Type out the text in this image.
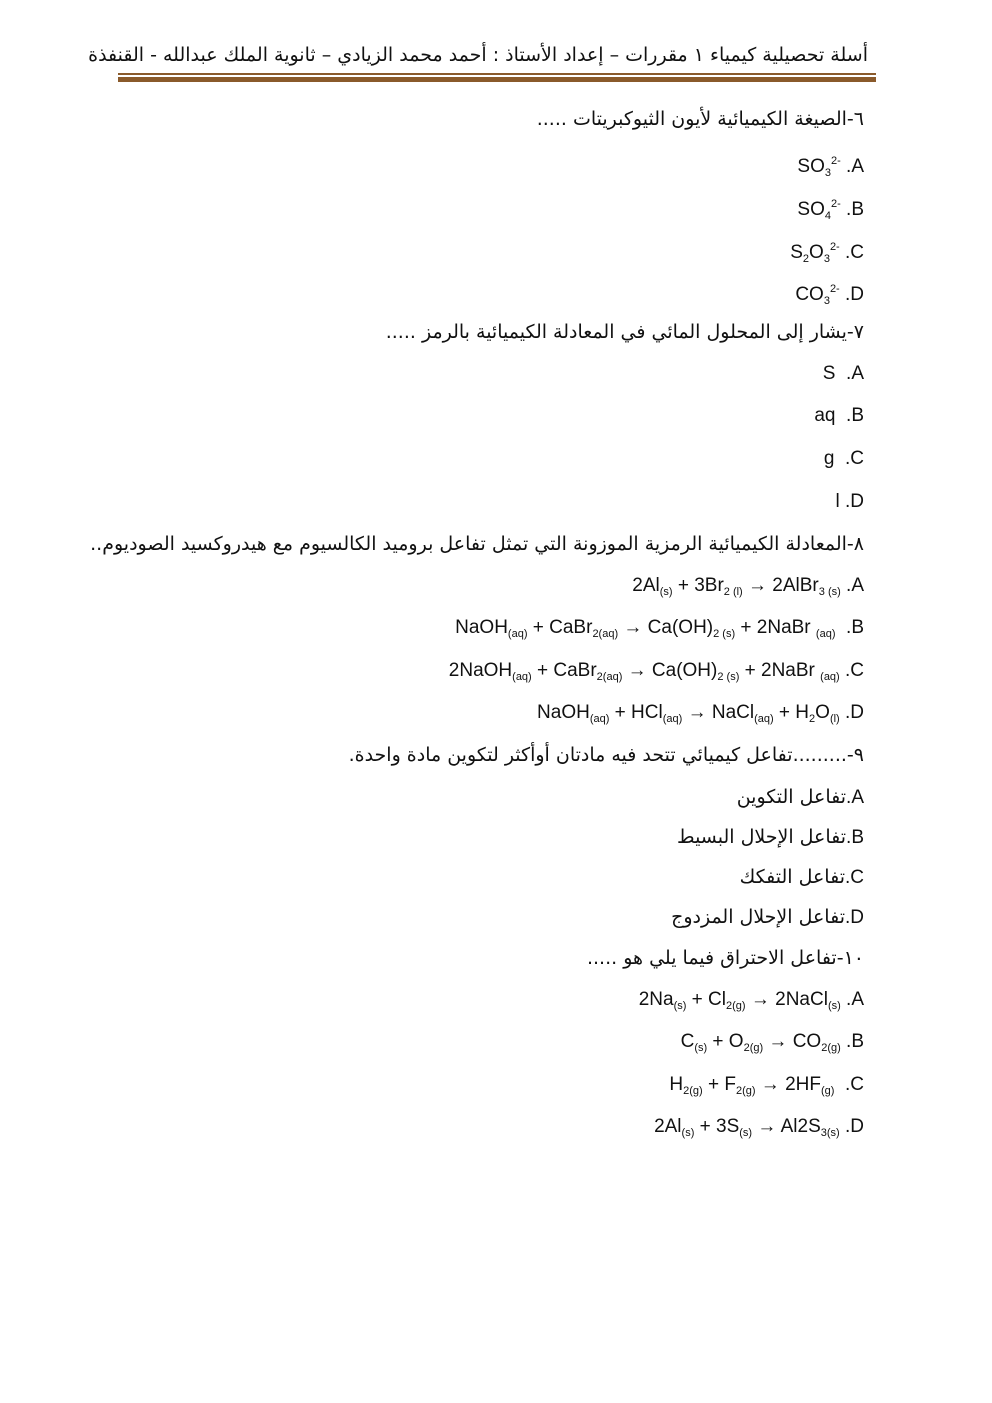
أسلة تحصيلية كيمياء ١ مقررات – إعداد الأستاذ : أحمد محمد الزيادي – ثانوية الملك عبدالله - القنفذة
٦-الصيغة الكيميائية لأيون الثيوكبريتات .....
$SO_3^{2-}$ .A
$SO_4^{2-}$ .B
$S_2O_3^{2-}$ .C
$CO_3^{2-}$ .D
٧-يشار إلى المحلول المائي في المعادلة الكيميائية بالرمز .....
S .A
aq .B
g .C
l .D
٨-المعادلة الكيميائية الرمزية الموزونة التي تمثل تفاعل بروميد الكالسيوم مع هيدروكسيد الصوديوم..
$2Al_{(s)} + 3Br_{2 (l)}$ → 2AlBr$_{3 (s)}$ .A
NaOH$_{(aq)}$ + CaBr$_{2(aq)}$ → $Ca(OH)_{2 (s)}$ + 2NaBr $_{(aq)}$ .B
2NaOH$_{(aq)}$ + CaBr$_{2(aq)}$ → $Ca(OH)_{2 (s)}$ + 2NaBr $_{(aq)}$ .C
NaOH$_{(aq)}$ + HCl$_{(aq)}$ → NaCl$_{(aq)}$ + $H_2O_{(l)}$ .D
٩-.........تفاعل كيميائي تتحد فيه مادتان أوأكثر لتكوين مادة واحدة.
تفاعل التكوين.A
تفاعل الإحلال البسيط.B
تفاعل التفكك.C
تفاعل الإحلال المزدوج.D
١٠-تفاعل الاحتراق فيما يلي هو .....
$2Na_{(s)} + Cl_{2(g)}$ → 2NaCl$_{(s)}$ .A
$C_{(s)} + O_{2(g)} \to CO_{2(g)}$ .B
$H_{2(g)} + F_{2(g)} \to 2HF_{(g)}$ .C
$2Al_{(s)} + 3S_{(s)} \to Al2S_{3(s)}$ .D
